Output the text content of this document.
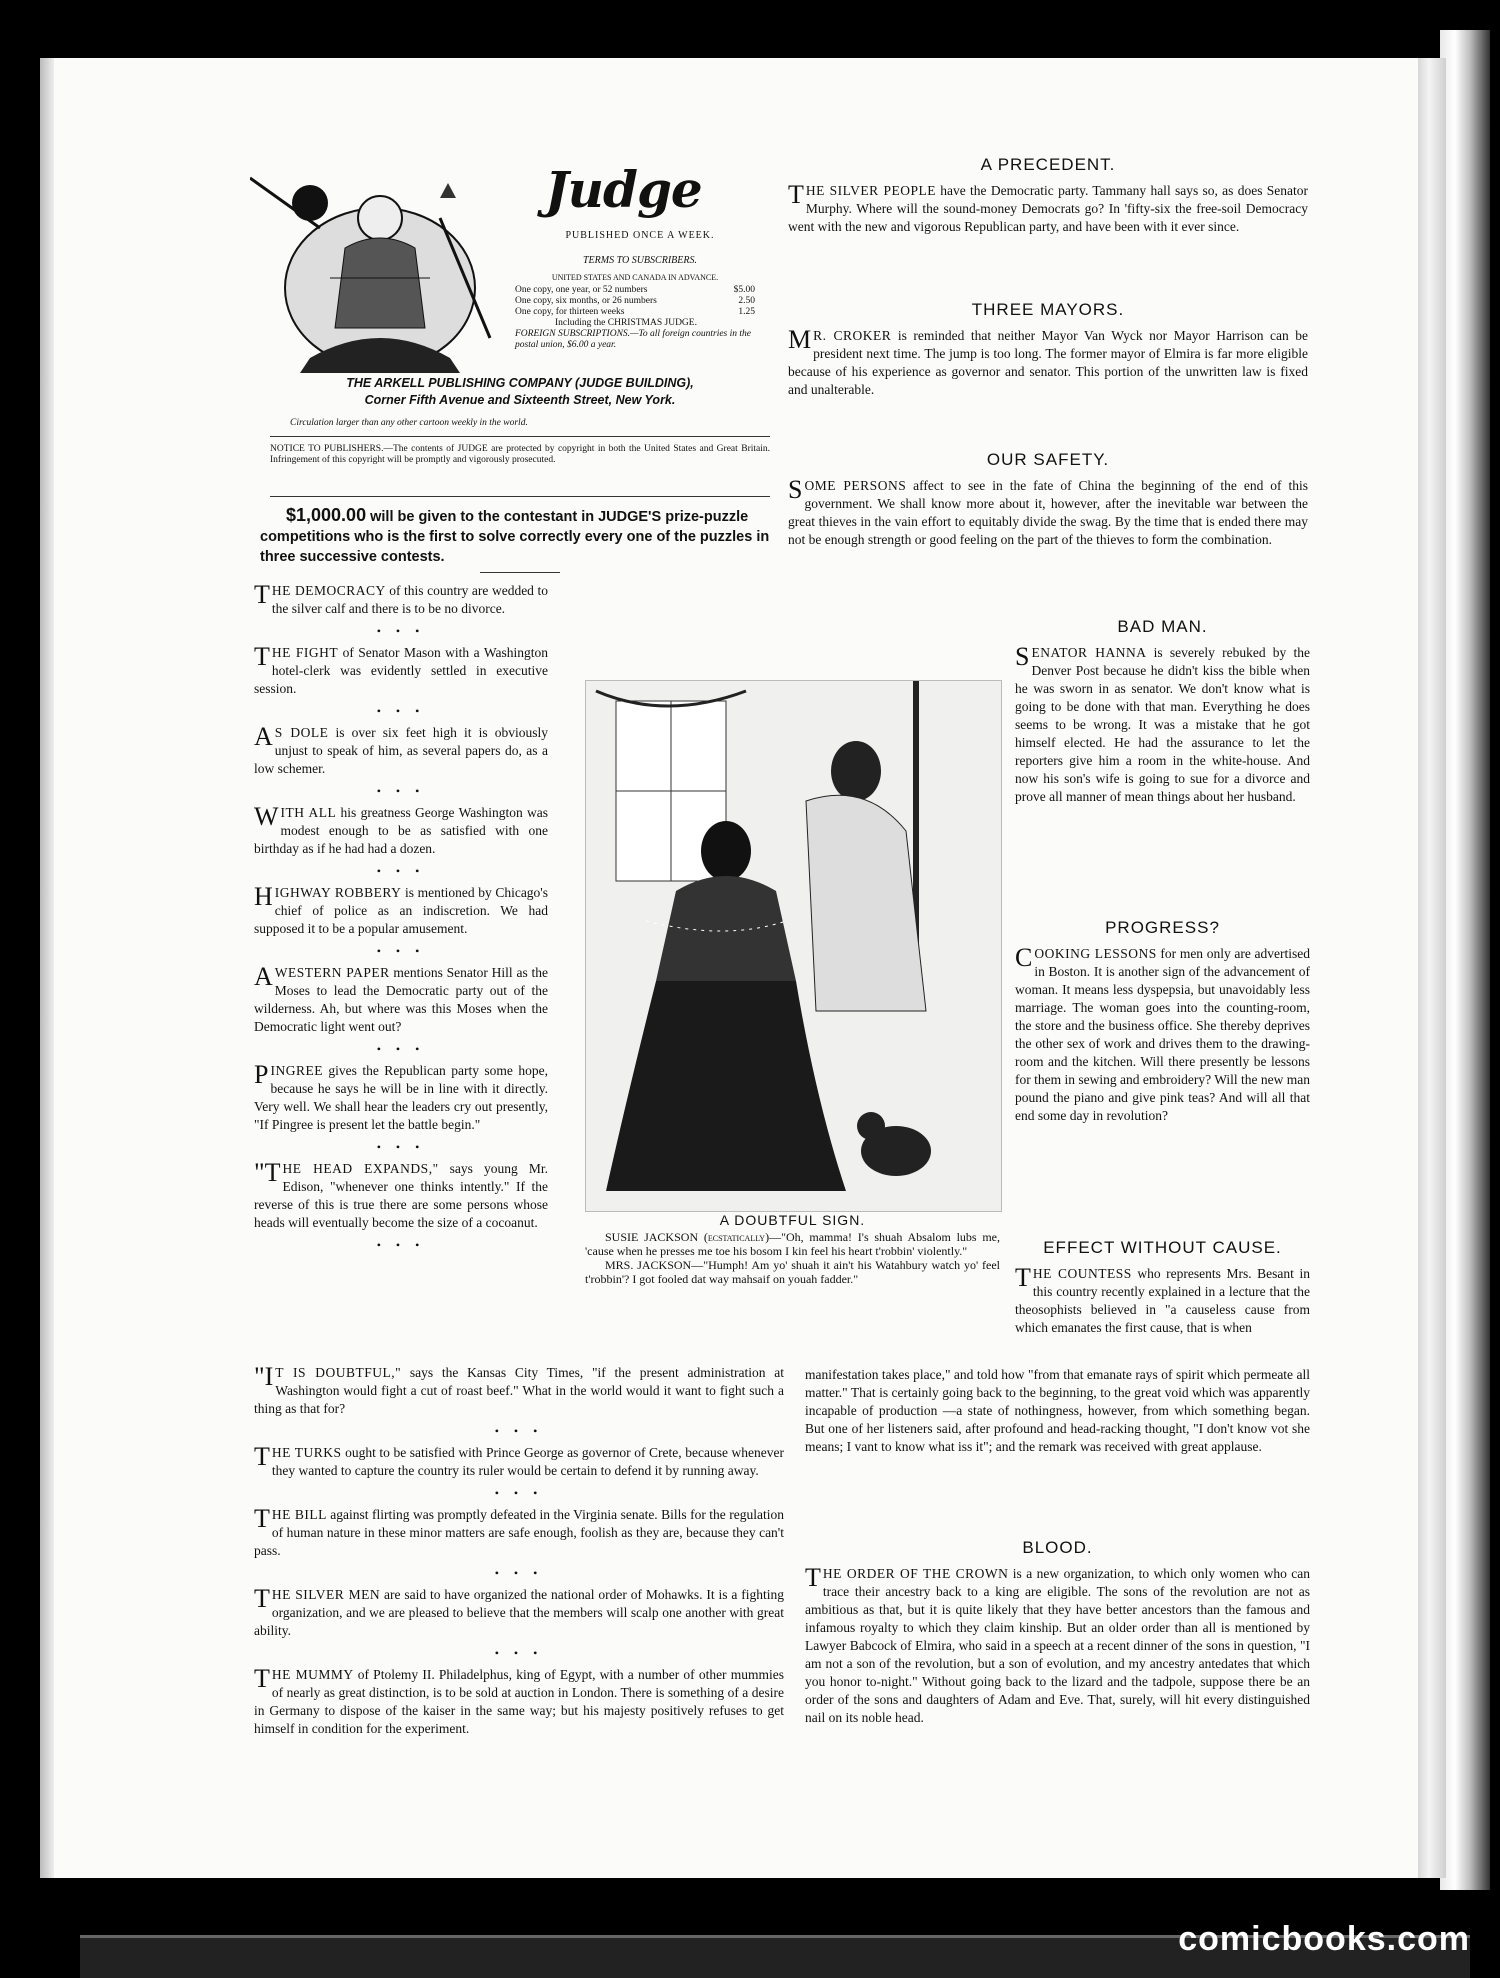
comicbooks.com
Judge
PUBLISHED ONCE A WEEK.
TERMS TO SUBSCRIBERS.
UNITED STATES AND CANADA IN ADVANCE.
One copy, one year, or 52 numbers	$5.00
One copy, six months, or 26 numbers	2.50
One copy, for thirteen weeks	1.25
Including the CHRISTMAS JUDGE.
FOREIGN SUBSCRIPTIONS.—To all foreign countries in the postal union, $6.00 a year.
THE ARKELL PUBLISHING COMPANY (JUDGE BUILDING),
Corner Fifth Avenue and Sixteenth Street, New York.
Circulation larger than any other cartoon weekly in the world.
NOTICE TO PUBLISHERS.—The contents of JUDGE are protected by copyright in both the United States and Great Britain. Infringement of this copyright will be promptly and vigorously prosecuted.
$1,000.00 will be given to the contestant in JUDGE'S prize-puzzle competitions who is the first to solve correctly every one of the puzzles in three successive contests.
THE DEMOCRACY of this country are wedded to the silver calf and there is to be no divorce.
• • •
THE FIGHT of Senator Mason with a Washington hotel-clerk was evidently settled in executive session.
• • •
A S DOLE is over six feet high it is obviously unjust to speak of him, as several papers do, as a low schemer.
• • •
WITH ALL his greatness George Washington was modest enough to be as satisfied with one birthday as if he had had a dozen.
• • •
HIGHWAY ROBBERY is mentioned by Chicago's chief of police as an indiscretion. We had supposed it to be a popular amusement.
• • •
A WESTERN PAPER mentions Senator Hill as the Moses to lead the Democratic party out of the wilderness. Ah, but where was this Moses when the Democratic light went out?
• • •
PINGREE gives the Republican party some hope, because he says he will be in line with it directly. Very well. We shall hear the leaders cry out presently, "If Pingree is present let the battle begin."
• • •
"THE HEAD EXPANDS," says young Mr. Edison, "whenever one thinks intently." If the reverse of this is true there are some persons whose heads will eventually become the size of a cocoanut.
• • •
"I T IS DOUBTFUL," says the Kansas City Times, "if the present administration at Washington would fight a cut of roast beef." What in the world would it want to fight such a thing as that for?
• • •
THE TURKS ought to be satisfied with Prince George as governor of Crete, because whenever they wanted to capture the country its ruler would be certain to defend it by running away.
• • •
THE BILL against flirting was promptly defeated in the Virginia senate. Bills for the regulation of human nature in these minor matters are safe enough, foolish as they are, because they can't pass.
• • •
THE SILVER MEN are said to have organized the national order of Mohawks. It is a fighting organization, and we are pleased to believe that the members will scalp one another with great ability.
• • •
THE MUMMY of Ptolemy II. Philadelphus, king of Egypt, with a number of other mummies of nearly as great distinction, is to be sold at auction in London. There is something of a desire in Germany to dispose of the kaiser in the same way; but his majesty positively refuses to get himself in condition for the experiment.
A DOUBTFUL SIGN.
SUSIE JACKSON (ecstatically)—"Oh, mamma! I's shuah Absalom lubs me, 'cause when he presses me toe his bosom I kin feel his heart t'robbin' violently."
MRS. JACKSON—"Humph! Am yo' shuah it ain't his Watahbury watch yo' feel t'robbin'? I got fooled dat way mahsaif on youah fadder."
A PRECEDENT.
THE SILVER PEOPLE have the Democratic party. Tammany hall says so, as does Senator Murphy. Where will the sound-money Democrats go? In 'fifty-six the free-soil Democracy went with the new and vigorous Republican party, and have been with it ever since.
THREE MAYORS.
M R. CROKER is reminded that neither Mayor Van Wyck nor Mayor Harrison can be president next time. The jump is too long. The former mayor of Elmira is far more eligible because of his experience as governor and senator. This portion of the unwritten law is fixed and unalterable.
OUR SAFETY.
SOME PERSONS affect to see in the fate of China the beginning of the end of this government. We shall know more about it, however, after the inevitable war between the great thieves in the vain effort to equitably divide the swag. By the time that is ended there may not be enough strength or good feeling on the part of the thieves to form the combination.
BAD MAN.
SENATOR HANNA is severely rebuked by the Denver Post because he didn't kiss the bible when he was sworn in as senator. We don't know what is going to be done with that man. Everything he does seems to be wrong. It was a mistake that he got himself elected. He had the assurance to let the reporters give him a room in the white-house. And now his son's wife is going to sue for a divorce and prove all manner of mean things about her husband.
PROGRESS?
COOKING LESSONS for men only are advertised in Boston. It is another sign of the advancement of woman. It means less dyspepsia, but unavoidably less marriage. The woman goes into the counting-room, the store and the business office. She thereby deprives the other sex of work and drives them to the drawing-room and the kitchen. Will there presently be lessons for them in sewing and embroidery? Will the new man pound the piano and give pink teas? And will all that end some day in revolution?
EFFECT WITHOUT CAUSE.
THE COUNTESS who represents Mrs. Besant in this country recently explained in a lecture that the theosophists believed in "a causeless cause from which emanates the first cause, that is when
manifestation takes place," and told how "from that emanate rays of spirit which permeate all matter." That is certainly going back to the beginning, to the great void which was apparently incapable of production —a state of nothingness, however, from which something began. But one of her listeners said, after profound and head-racking thought, "I don't know vot she means; I vant to know what iss it"; and the remark was received with great applause.
BLOOD.
THE ORDER OF THE CROWN is a new organization, to which only women who can trace their ancestry back to a king are eligible. The sons of the revolution are not as ambitious as that, but it is quite likely that they have better ancestors than the famous and infamous royalty to which they claim kinship. But an older order than all is mentioned by Lawyer Babcock of Elmira, who said in a speech at a recent dinner of the sons in question, "I am not a son of the revolution, but a son of evolution, and my ancestry antedates that which you honor to-night." Without going back to the lizard and the tadpole, suppose there be an order of the sons and daughters of Adam and Eve. That, surely, will hit every distinguished nail on its noble head.
